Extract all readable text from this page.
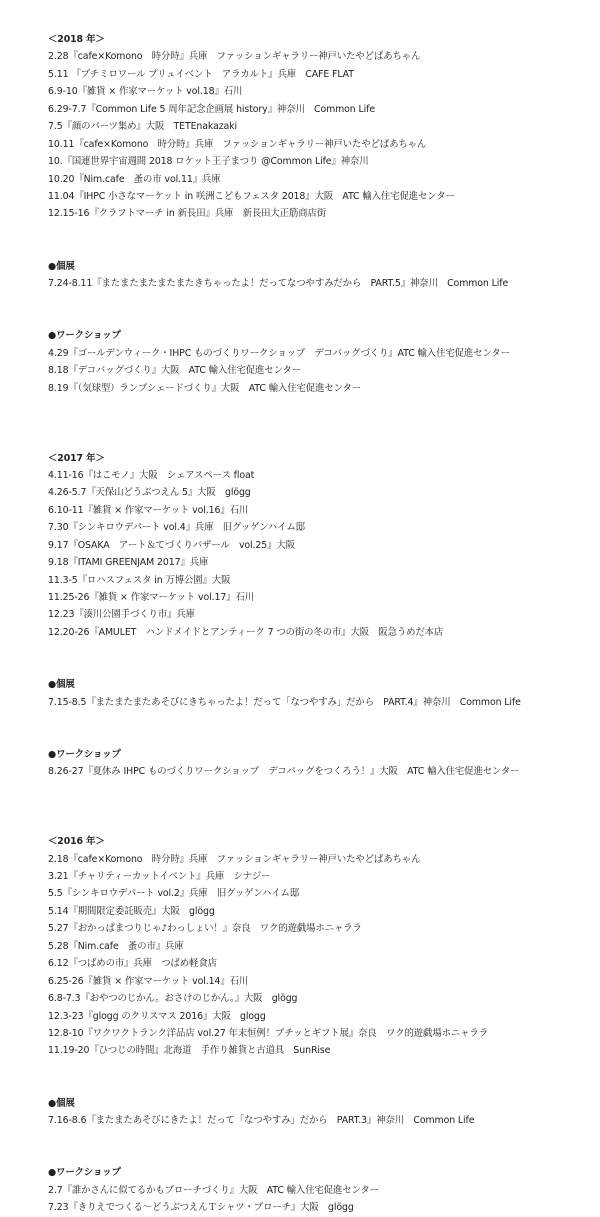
＜2018 年＞
2.28『cafe×Komono　時分時』兵庫　ファッションギャラリー神戸いたやどばあちゃん
5.11 『プチミロワール プリュイベント　アラカルト』兵庫　CAFE FLAT
6.9-10『雑貨 × 作家マーケット vol.18』石川
6.29-7.7『Common Life 5 周年記念企画展 history』神奈川　Common Life
7.5『顔のパーツ集め』大阪　TETEnakazaki
10.11『cafe×Komono　時分時』兵庫　ファッションギャラリー神戸いたやどばあちゃん
10.『国連世界宇宙週間 2018 ロケット王子まつり @Common Life』神奈川
10.20『Nim.cafe　蚤の市 vol.11』兵庫
11.04『IHPC 小さなマーケット in 咲洲こどもフェスタ 2018』大阪　ATC 輸入住宅促進センター
12.15-16『クラフトマーチ in 新長田』兵庫　新長田大正筋商店街
●個展
7.24-8.11『またまたまたまたまたきちゃったよ！だってなつやすみだから　PART.5』神奈川　Common Life
●ワークショップ
4.29『ゴールデンウィーク・IHPC ものづくりワークショップ　デコバッグづくり』ATC 輸入住宅促進センター
8.18『デコバッグづくり』大阪　ATC 輸入住宅促進センター
8.19『（気球型）ランプシェードづくり』大阪　ATC 輸入住宅促進センター
＜2017 年＞
4.11-16『はこモノ』大阪　シェアスペース float
4.26-5.7『天保山どうぶつえん 5』大阪　glögg
6.10-11『雑貨 × 作家マーケット vol.16』石川
7.30『シンキロウデパート vol.4』兵庫　旧グッゲンハイム邸
9.17『OSAKA　アート＆てづくりバザール　vol.25』大阪
9.18『ITAMI GREENJAM 2017』兵庫
11.3-5『ロハスフェスタ in 万博公園』大阪
11.25-26『雑貨 × 作家マーケット vol.17』石川
12.23『湊川公園手づくり市』兵庫
12.20-26『AMULET　ハンドメイドとアンティーク 7 つの街の冬の市』大阪　阪急うめだ本店
●個展
7.15-8.5『またまたまたあそびにきちゃったよ！だって「なつやすみ」だから　PART.4』神奈川　Common Life
●ワークショップ
8.26-27『夏休み IHPC ものづくりワークショップ　デコバッグをつくろう！』大阪　ATC 輸入住宅促進センター
＜2016 年＞
2.18『cafe×Komono　時分時』兵庫　ファッションギャラリー神戸いたやどばあちゃん
3.21『チャリティーカットイベント』兵庫　シナジー
5.5『シンキロウデパート vol.2』兵庫　旧グッゲンハイム邸
5.14『期間限定委託販売』大阪　glögg
5.27『おかっぱまつりじゃ♪わっしょい！』奈良　ワク的遊戯場ホニャララ
5.28『Nim.cafe　蚤の市』兵庫
6.12『つばめの市』兵庫　つばめ軽食店
6.25-26『雑貨 × 作家マーケット vol.14』石川
6.8-7.3『おやつのじかん。おさけのじかん。』大阪　glögg
12.3-23『glogg のクリスマス 2016』大阪　glogg
12.8-10『ワクワクトランク洋品店 vol.27 年末恒例！プチッとギフト展』奈良　ワク的遊戯場ホニャララ
11.19-20『ひつじの時間』北海道　手作り雑貨と古道具　SunRise
●個展
7.16-8.6『またまたあそびにきたよ！だって「なつやすみ」だから　PART.3』神奈川　Common Life
●ワークショップ
2.7『誰かさんに似てるかもブローチづくり』大阪　ATC 輸入住宅促進センター
7.23『きりえでつくる〜どうぶつえんＴシャツ・ブローチ』大阪　glögg
